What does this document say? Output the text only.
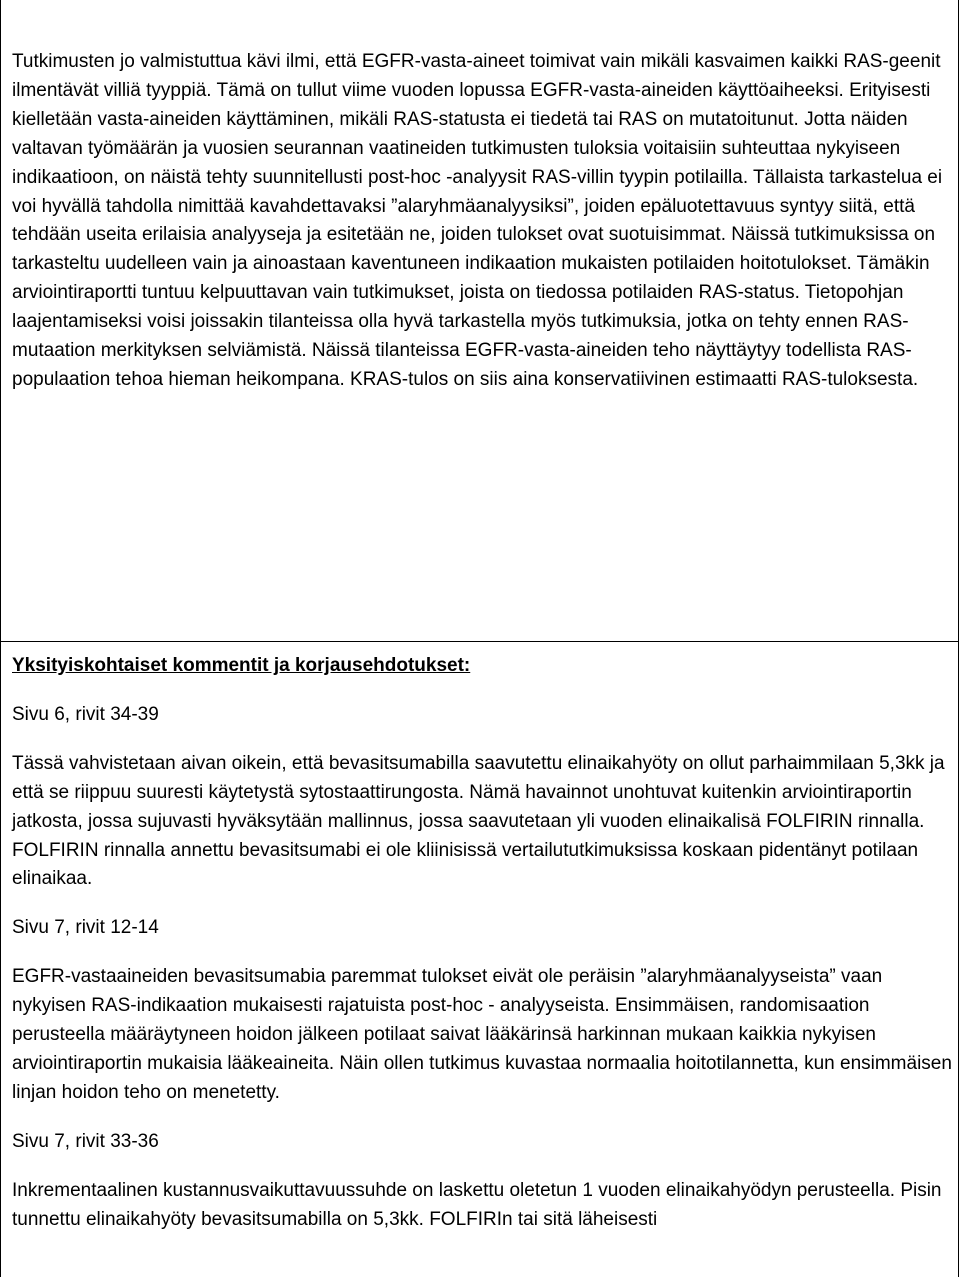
Tutkimusten jo valmistuttua kävi ilmi, että EGFR-vasta-aineet toimivat vain mikäli kasvaimen kaikki RAS-geenit ilmentävät villiä tyyppiä. Tämä on tullut viime vuoden lopussa EGFR-vasta-aineiden käyttöaiheeksi. Erityisesti kielletään vasta-aineiden käyttäminen, mikäli RAS-statusta ei tiedetä tai RAS on mutatoitunut. Jotta näiden valtavan työmäärän ja vuosien seurannan vaatineiden tutkimusten tuloksia voitaisiin suhteuttaa nykyiseen indikaatioon, on näistä tehty suunnitellusti post-hoc -analyysit RAS-villin tyypin potilailla. Tällaista tarkastelua ei voi hyvällä tahdolla nimittää kavahdettavaksi ”alaryhmäanalyysiksi”, joiden epäluotettavuus syntyy siitä, että tehdään useita erilaisia analyyseja ja esitetään ne, joiden tulokset ovat suotuisimmat. Näissä tutkimuksissa on tarkasteltu uudelleen vain ja ainoastaan kaventuneen indikaation mukaisten potilaiden hoitotulokset. Tämäkin arviointiraportti tuntuu kelpuuttavan vain tutkimukset, joista on tiedossa potilaiden RAS-status. Tietopohjan laajentamiseksi voisi joissakin tilanteissa olla hyvä tarkastella myös tutkimuksia, jotka on tehty ennen RAS-mutaation merkityksen selviämistä. Näissä tilanteissa EGFR-vasta-aineiden teho näyttäytyy todellista RAS-populaation tehoa hieman heikompana. KRAS-tulos on siis aina konservatiivinen estimaatti RAS-tuloksesta.

Yksityiskohtaiset kommentit ja korjausehdotukset:

Sivu 6, rivit 34-39

Tässä vahvistetaan aivan oikein, että bevasitsumabilla saavutettu elinaikahyöty on ollut parhaimmilaan 5,3kk ja että se riippuu suuresti käytetystä sytostaattirungosta. Nämä havainnot unohtuvat kuitenkin arviointiraportin jatkosta, jossa sujuvasti hyväksytään mallinnus, jossa saavutetaan yli vuoden elinaikalisä FOLFIRIN rinnalla. FOLFIRIN rinnalla annettu bevasitsumabi ei ole kliinisissä vertailututkimuksissa koskaan pidentänyt potilaan elinaikaa.

Sivu 7, rivit 12-14

EGFR-vastaaineiden bevasitsumabia paremmat tulokset eivät ole peräisin ”alaryhmäanalyyseista” vaan nykyisen RAS-indikaation mukaisesti rajatuista post-hoc - analyyseista. Ensimmäisen, randomisaation perusteella määräytyneen hoidon jälkeen potilaat saivat lääkärinsä harkinnan mukaan kaikkia nykyisen arviointiraportin mukaisia lääkeaineita. Näin ollen tutkimus kuvastaa normaalia hoitotilannetta, kun ensimmäisen linjan hoidon teho on menetetty.

Sivu 7, rivit 33-36

Inkrementaalinen kustannusvaikuttavuussuhde on laskettu oletetun 1 vuoden elinaikahyödyn perusteella. Pisin tunnettu elinaikahyöty bevasitsumabilla on 5,3kk. FOLFIRIn tai sitä läheisesti
